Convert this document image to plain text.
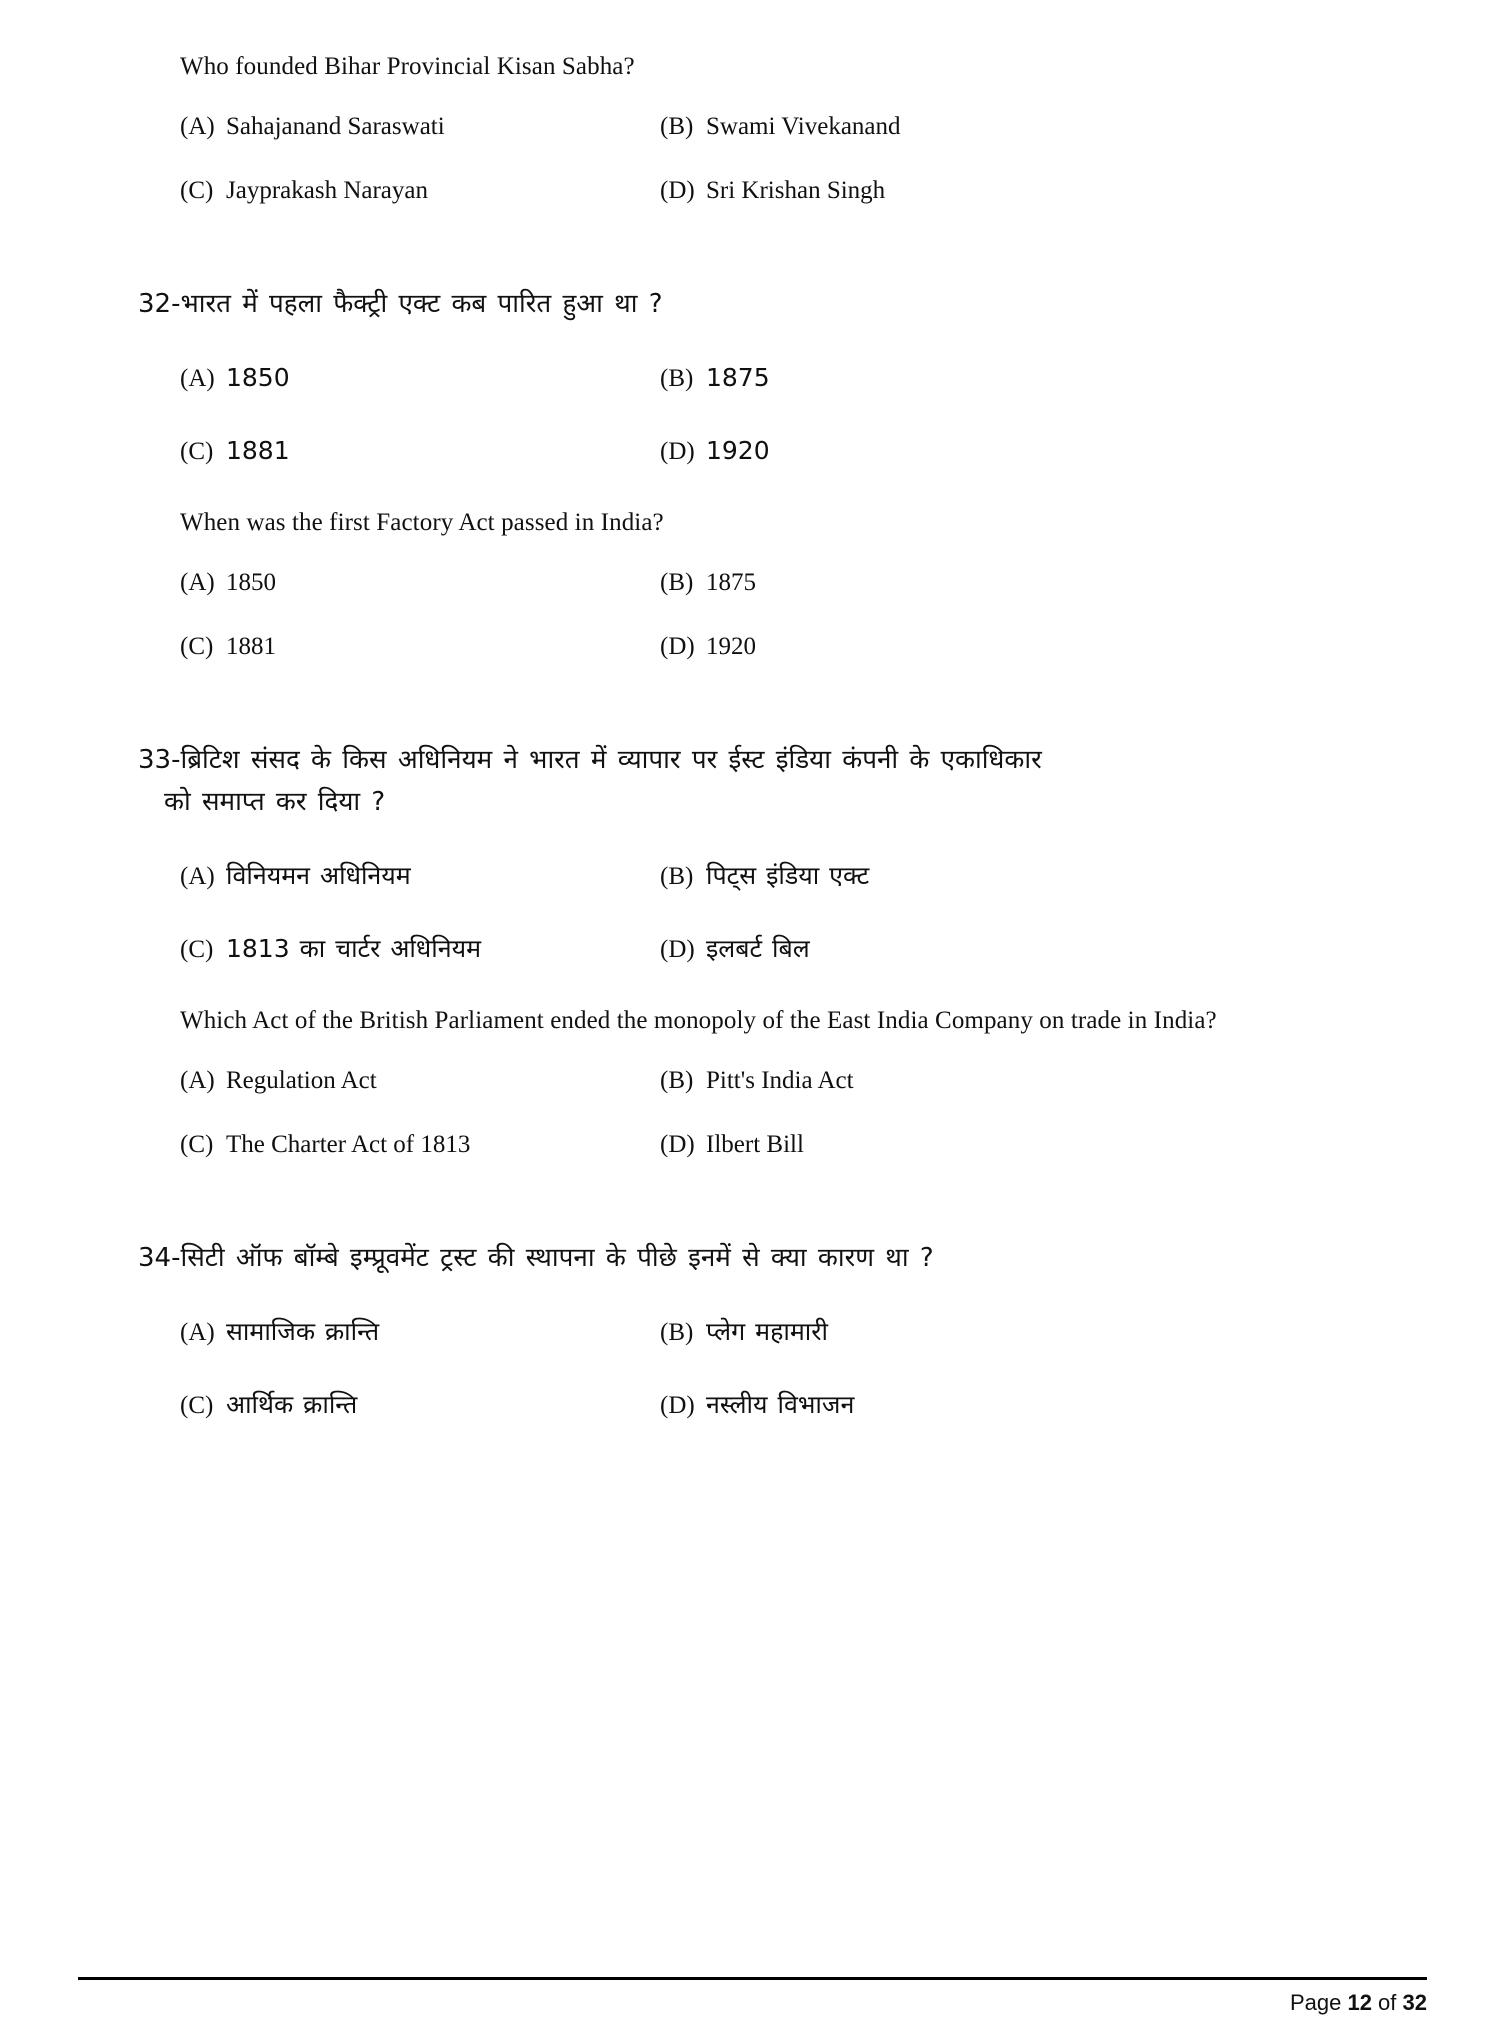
Who founded Bihar Provincial Kisan Sabha?
(A) Sahajanand Saraswati	(B) Swami Vivekanand
(C) Jayprakash Narayan	(D) Sri Krishan Singh
32-भारत में पहला फैक्ट्री एक्ट कब पारित हुआ था ?
(A) 1850	(B) 1875
(C) 1881	(D) 1920
When was the first Factory Act passed in India?
(A) 1850	(B) 1875
(C) 1881	(D) 1920
33-ब्रिटिश संसद के किस अधिनियम ने भारत में व्यापार पर ईस्ट इंडिया कंपनी के एकाधिकार
को समाप्त कर दिया ?
(A) विनियमन अधिनियम	(B) पिट्स इंडिया एक्ट
(C) 1813 का चार्टर अधिनियम	(D) इलबर्ट बिल
Which Act of the British Parliament ended the monopoly of the East India Company on trade in India?
(A) Regulation Act	(B) Pitt's India Act
(C) The Charter Act of 1813	(D) Ilbert Bill
34-सिटी ऑफ बॉम्बे इम्प्रूवमेंट ट्रस्ट की स्थापना के पीछे इनमें से क्या कारण था ?
(A) सामाजिक क्रान्ति	(B) प्लेग महामारी
(C) आर्थिक क्रान्ति	(D) नस्लीय विभाजन
Page 12 of 32
